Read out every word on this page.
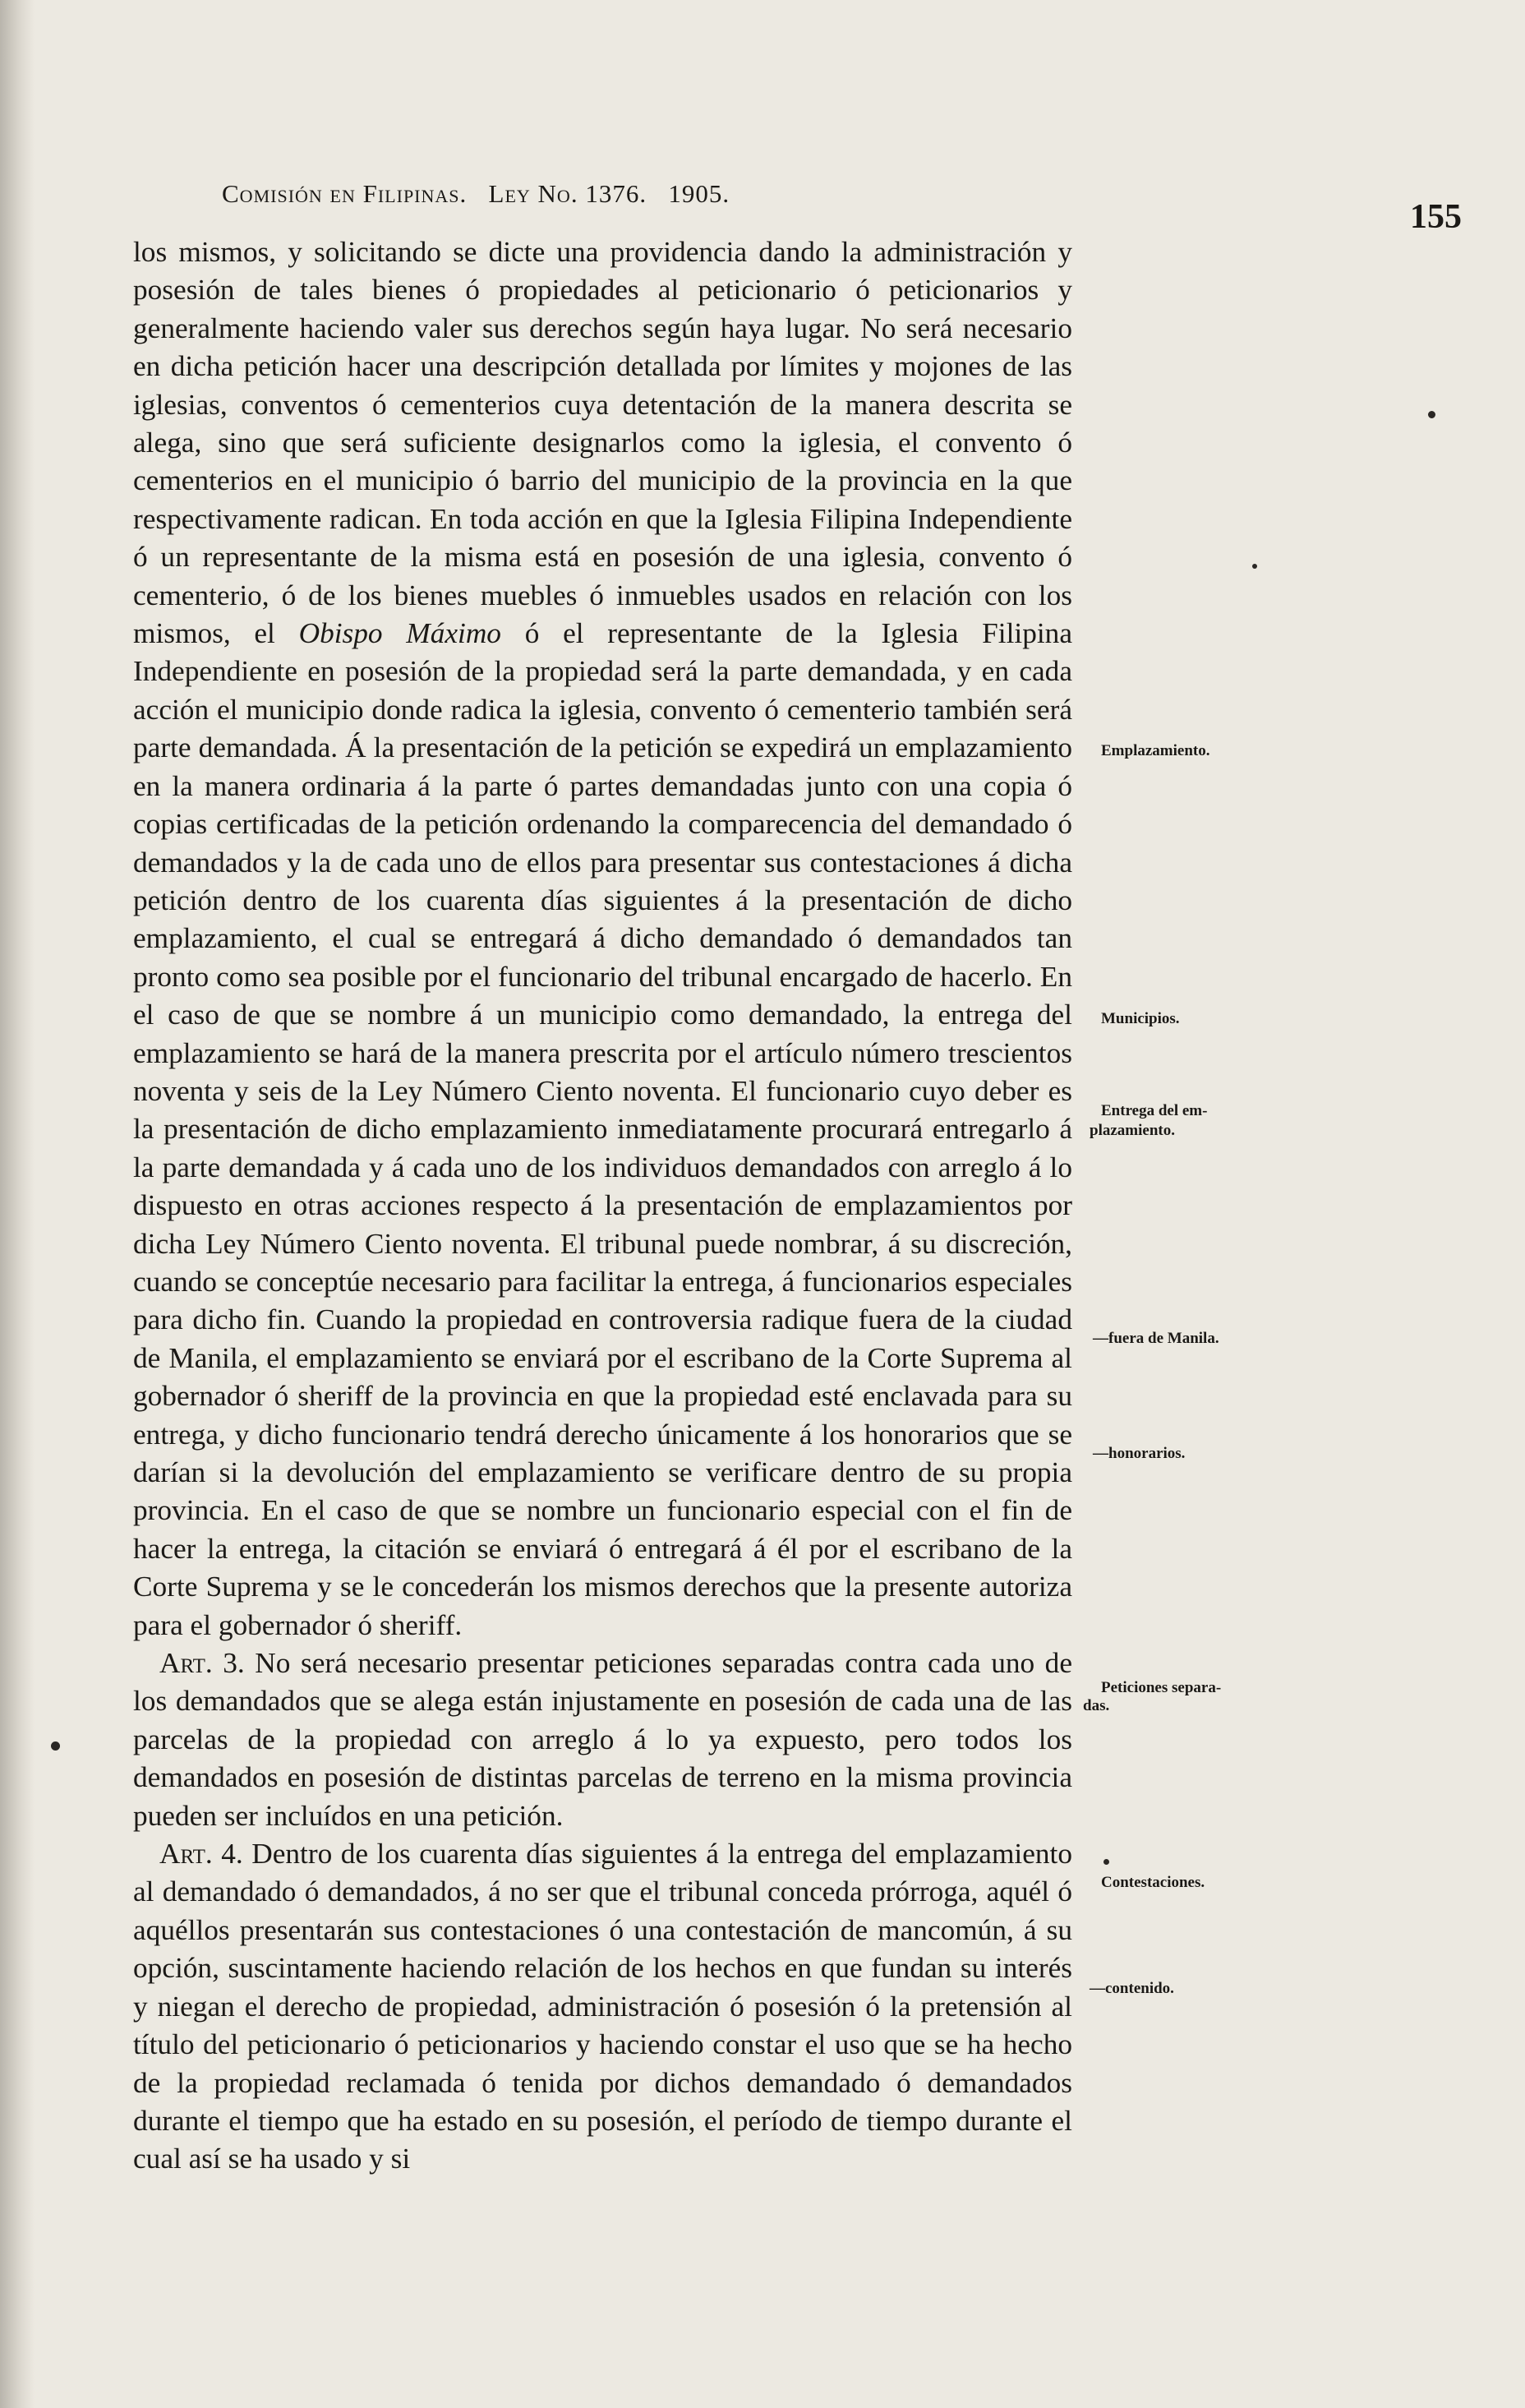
Comisión en Filipinas. Ley No. 1376. 1905.
155

los mismos, y solicitando se dicte una providencia dando la administración y posesión de tales bienes ó propiedades al peticionario ó peticionarios y generalmente haciendo valer sus derechos según haya lugar. No será necesario en dicha petición hacer una descripción detallada por límites y mojones de las iglesias, conventos ó cementerios cuya detentación de la manera descrita se alega, sino que será suficiente designarlos como la iglesia, el convento ó cementerios en el municipio ó barrio del municipio de la provincia en la que respectivamente radican. En toda acción en que la Iglesia Filipina Independiente ó un representante de la misma está en posesión de una iglesia, convento ó cementerio, ó de los bienes muebles ó inmuebles usados en relación con los mismos, el Obispo Máximo ó el representante de la Iglesia Filipina Independiente en posesión de la propiedad será la parte demandada, y en cada acción el municipio donde radica la iglesia, convento ó cementerio también será parte demandada. Á la presentación de la petición se expedirá un emplazamiento en la manera ordinaria á la parte ó partes demandadas junto con una copia ó copias certificadas de la petición ordenando la comparecencia del demandado ó demandados y la de cada uno de ellos para presentar sus contestaciones á dicha petición dentro de los cuarenta días siguientes á la presentación de dicho emplazamiento, el cual se entregará á dicho demandado ó demandados tan pronto como sea posible por el funcionario del tribunal encargado de hacerlo. En el caso de que se nombre á un municipio como demandado, la entrega del emplazamiento se hará de la manera prescrita por el artículo número trescientos noventa y seis de la Ley Número Ciento noventa. El funcionario cuyo deber es la presentación de dicho emplazamiento inmediatamente procurará entregarlo á la parte demandada y á cada uno de los individuos demandados con arreglo á lo dispuesto en otras acciones respecto á la presentación de emplazamientos por dicha Ley Número Ciento noventa. El tribunal puede nombrar, á su discreción, cuando se conceptúe necesario para facilitar la entrega, á funcionarios especiales para dicho fin. Cuando la propiedad en controversia radique fuera de la ciudad de Manila, el emplazamiento se enviará por el escribano de la Corte Suprema al gobernador ó sheriff de la provincia en que la propiedad esté enclavada para su entrega, y dicho funcionario tendrá derecho únicamente á los honorarios que se darían si la devolución del emplazamiento se verificare dentro de su propia provincia. En el caso de que se nombre un funcionario especial con el fin de hacer la entrega, la citación se enviará ó entregará á él por el escribano de la Corte Suprema y se le concederán los mismos derechos que la presente autoriza para el gobernador ó sheriff.

Art. 3. No será necesario presentar peticiones separadas contra cada uno de los demandados que se alega están injustamente en posesión de cada una de las parcelas de la propiedad con arreglo á lo ya expuesto, pero todos los demandados en posesión de distintas parcelas de terreno en la misma provincia pueden ser incluídos en una petición.

Art. 4. Dentro de los cuarenta días siguientes á la entrega del emplazamiento al demandado ó demandados, á no ser que el tribunal conceda prórroga, aquél ó aquéllos presentarán sus contestaciones ó una contestación de mancomún, á su opción, suscintamente haciendo relación de los hechos en que fundan su interés y niegan el derecho de propiedad, administración ó posesión ó la pretensión al título del peticionario ó peticionarios y haciendo constar el uso que se ha hecho de la propiedad reclamada ó tenida por dichos demandado ó demandados durante el tiempo que ha estado en su posesión, el período de tiempo durante el cual así se ha usado y si

Emplazamiento.
Municipios.
Entrega del em-
plazamiento.
—fuera de Manila.
—honorarios.
Peticiones separa-
das.
Contestaciones.
—contenido.
